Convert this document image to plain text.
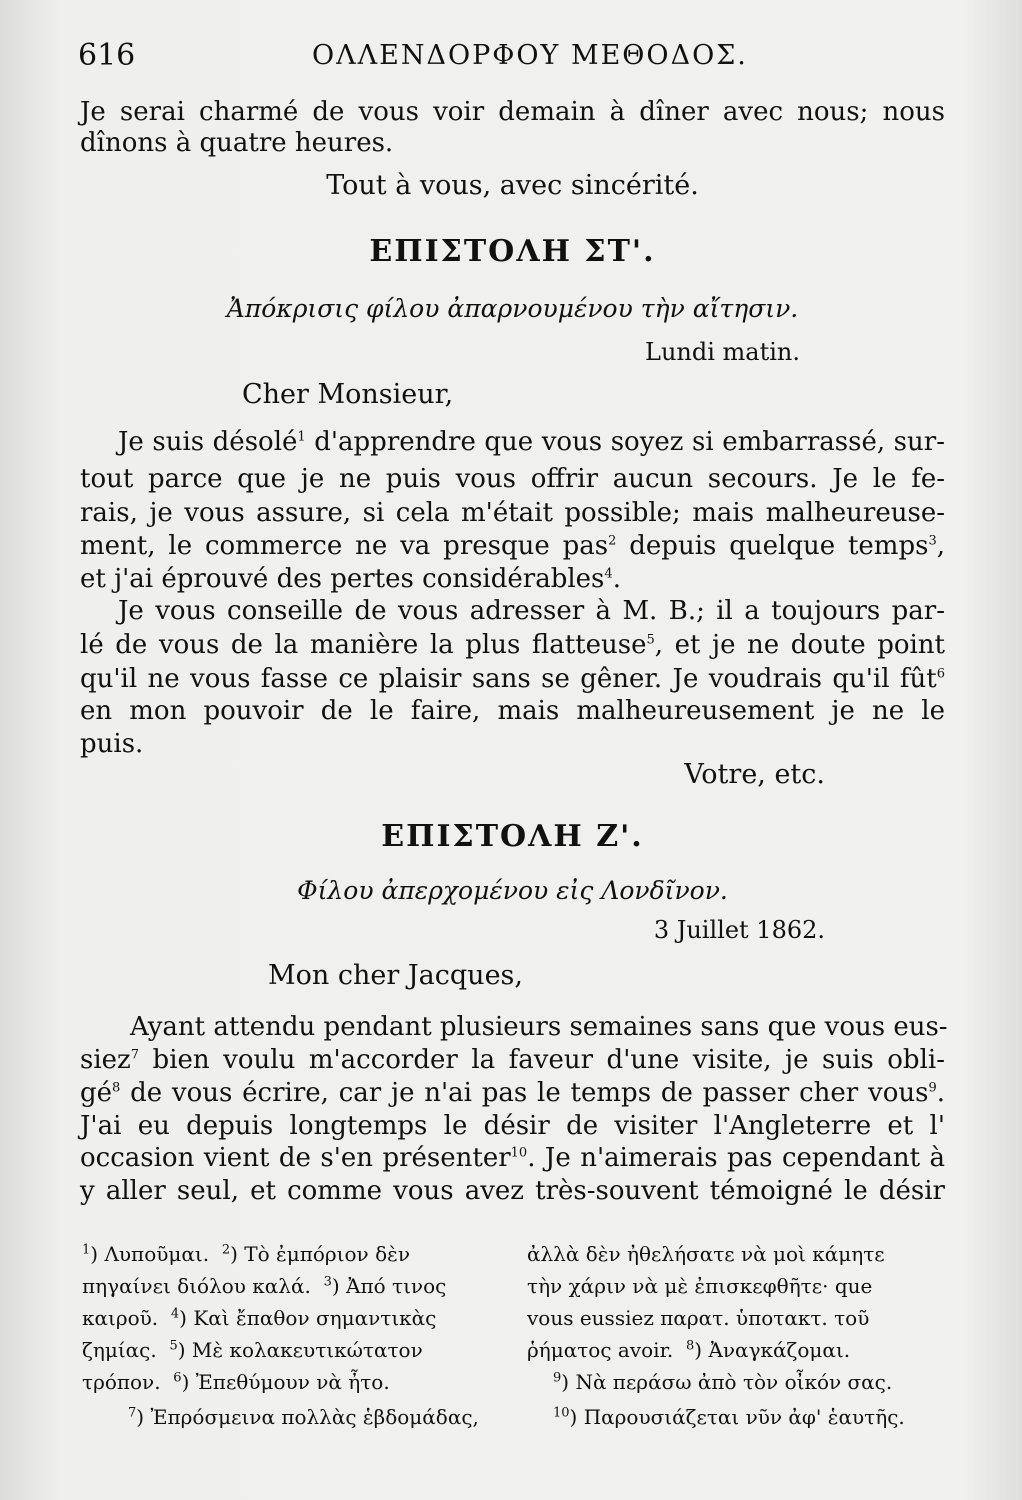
616	ΟΛΛΕΝΔΟΡΦΟΥ ΜΕΘΟΔΟΣ.
Je serai charmé de vous voir demain à dîner avec nous; nous
dînons à quatre heures.
Tout à vous, avec sincérité.
ΕΠΙΣΤΟΛΗ ΣΤ'.
Ἀπόκρισις φίλου ἀπαρνουμένου τὴν αἴτησιν.
Lundi matin.
Cher Monsieur,
Je suis désolé$^1$ d'apprendre que vous soyez si embarrassé, sur-
tout parce que je ne puis vous offrir aucun secours. Je le fe-
rais, je vous assure, si cela m'était possible; mais malheureuse-
ment, le commerce ne va presque pas$^2$ depuis quelque temps$^3$,
et j'ai éprouvé des pertes considérables$^4$.
Je vous conseille de vous adresser à M. B.; il a toujours par-
lé de vous de la manière la plus flatteuse$^5$, et je ne doute point
qu'il ne vous fasse ce plaisir sans se gêner. Je voudrais qu'il fût$^6$
en mon pouvoir de le faire, mais malheureusement je ne le
puis.
Votre, etc.
ΕΠΙΣΤΟΛΗ Ζ'.
Φίλου ἀπερχομένου εἰς Λονδῖνον.
3 Juillet 1862.
Mon cher Jacques,
Ayant attendu pendant plusieurs semaines sans que vous eus-
siez$^7$ bien voulu m'accorder la faveur d'une visite, je suis obli-
$gé^8$ de vous écrire, car je n'ai pas le temps de passer cher vous$^9$.
J'ai eu depuis longtemps le désir de visiter l'Angleterre et l'
occasion vient de s'en présenter$^{10}$. Je n'aimerais pas cependant à
y aller seul, et comme vous avez très-souvent témoigné le désir
$^1$) Λυποῦμαι. $^2$) Τὸ ἐμπόριον δὲν
πηγαίνει διόλου καλά. $^3$) Ἀπό τινος
καιροῦ. $^4$) Καὶ ἔπαθον σημαντικὰς
ζημίας. $^5$) Μὲ κολακευτικώτατον
τρόπον. $^6$) Ἐπεθύμουν νὰ ἦτο.
$^7$) Ἐπρόσμεινα πολλὰς ἑβδομάδας,
ἀλλὰ δὲν ἠθελήσατε νὰ μοὶ κάμητε
τὴν χάριν νὰ μὲ ἐπισκεφθῆτε· que
vous eussiez παρατ. ὑποτακτ. τοῦ
ῥήματος avoir. $^8$) Ἀναγκάζομαι.
$^9$) Νὰ περάσω ἀπὸ τὸν οἶκόν σας.
$^{10}$) Παρουσιάζεται νῦν ἀφ' ἑαυτῆς.
